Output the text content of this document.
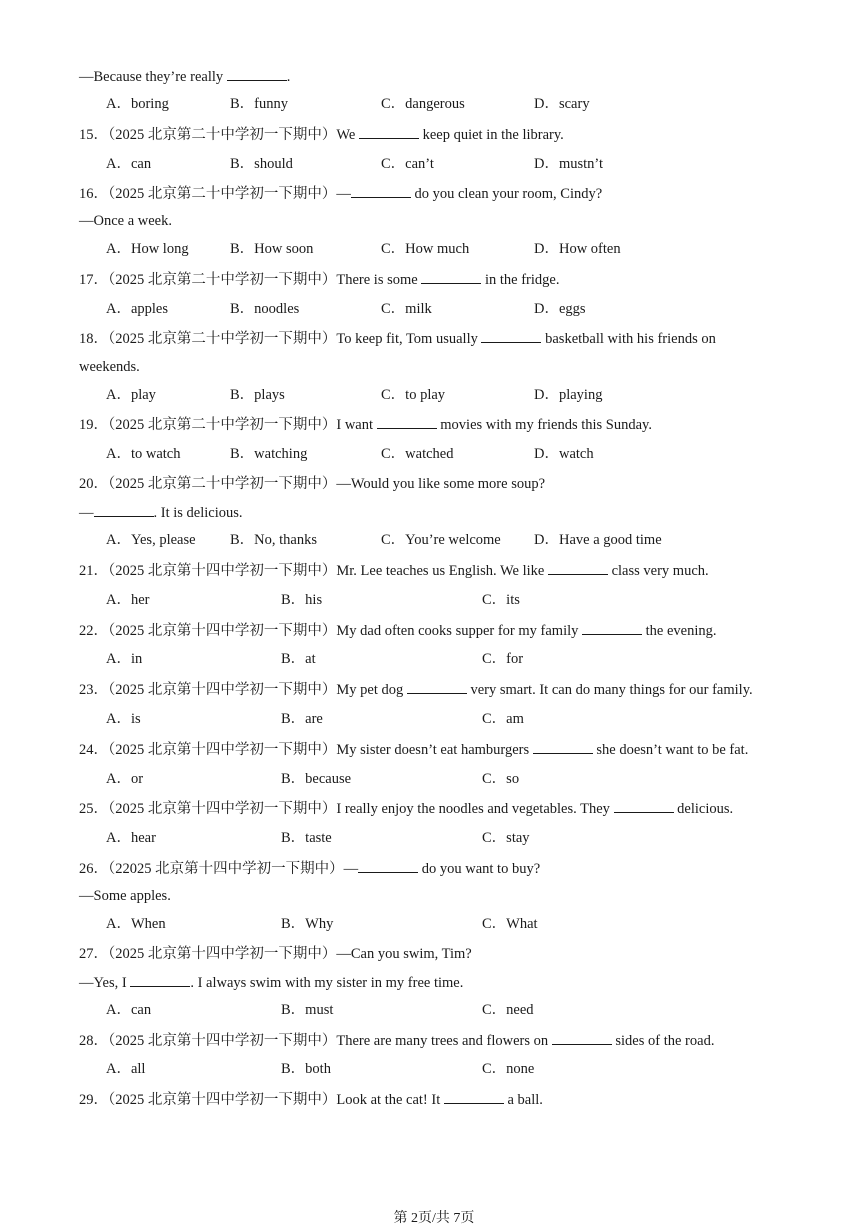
—Because they’re really	.
A．boring	B．funny	C．dangerous	D．scary
15．（2025 北京第二十中学初一下期中）We	keep quiet in the library.
A．can	B．should	C．can’t	D．mustn’t
16．（2025 北京第二十中学初一下期中）—	do you clean your room, Cindy?
—Once a week.
A．How long	B．How soon	C．How much	D．How often
17．（2025 北京第二十中学初一下期中）There is some	in the fridge.
A．apples	B．noodles	C．milk	D．eggs
18．（2025 北京第二十中学初一下期中）To keep fit, Tom usually	basketball with his friends on
weekends.
A．play	B．plays	C．to play	D．playing
19．（2025 北京第二十中学初一下期中）I want	movies with my friends this Sunday.
A．to watch	B．watching	C．watched	D．watch
20．（2025 北京第二十中学初一下期中）—Would you like some more soup?
—	. It is delicious.
A．Yes, please B．No, thanks	C．You’re welcome D．Have a good time
21．（2025 北京第十四中学初一下期中）Mr. Lee teaches us English. We like	class very much.
A．her	B．his	C．its
22．（2025 北京第十四中学初一下期中）My dad often cooks supper for my family	the evening.
A．in	B．at	C．for
23．（2025 北京第十四中学初一下期中）My pet dog	very smart. It can do many things for our family.
A．is	B．are	C．am
24．（2025 北京第十四中学初一下期中）My sister doesn’t eat hamburgers	she doesn’t want to be fat.
A．or	B．because	C．so
25．（2025 北京第十四中学初一下期中）I really enjoy the noodles and vegetables. They	delicious.
A．hear	B．taste	C．stay
26．（22025 北京第十四中学初一下期中）—	do you want to buy?
—Some apples.
A．When	B．Why	C．What
27．（2025 北京第十四中学初一下期中）—Can you swim, Tim?
—Yes, I	. I always swim with my sister in my free time.
A．can	B．must	C．need
28．（2025 北京第十四中学初一下期中）There are many trees and flowers on	sides of the road.
A．all	B．both	C．none
29．（2025 北京第十四中学初一下期中）Look at the cat! It	a ball.
第 2页/共 7页
